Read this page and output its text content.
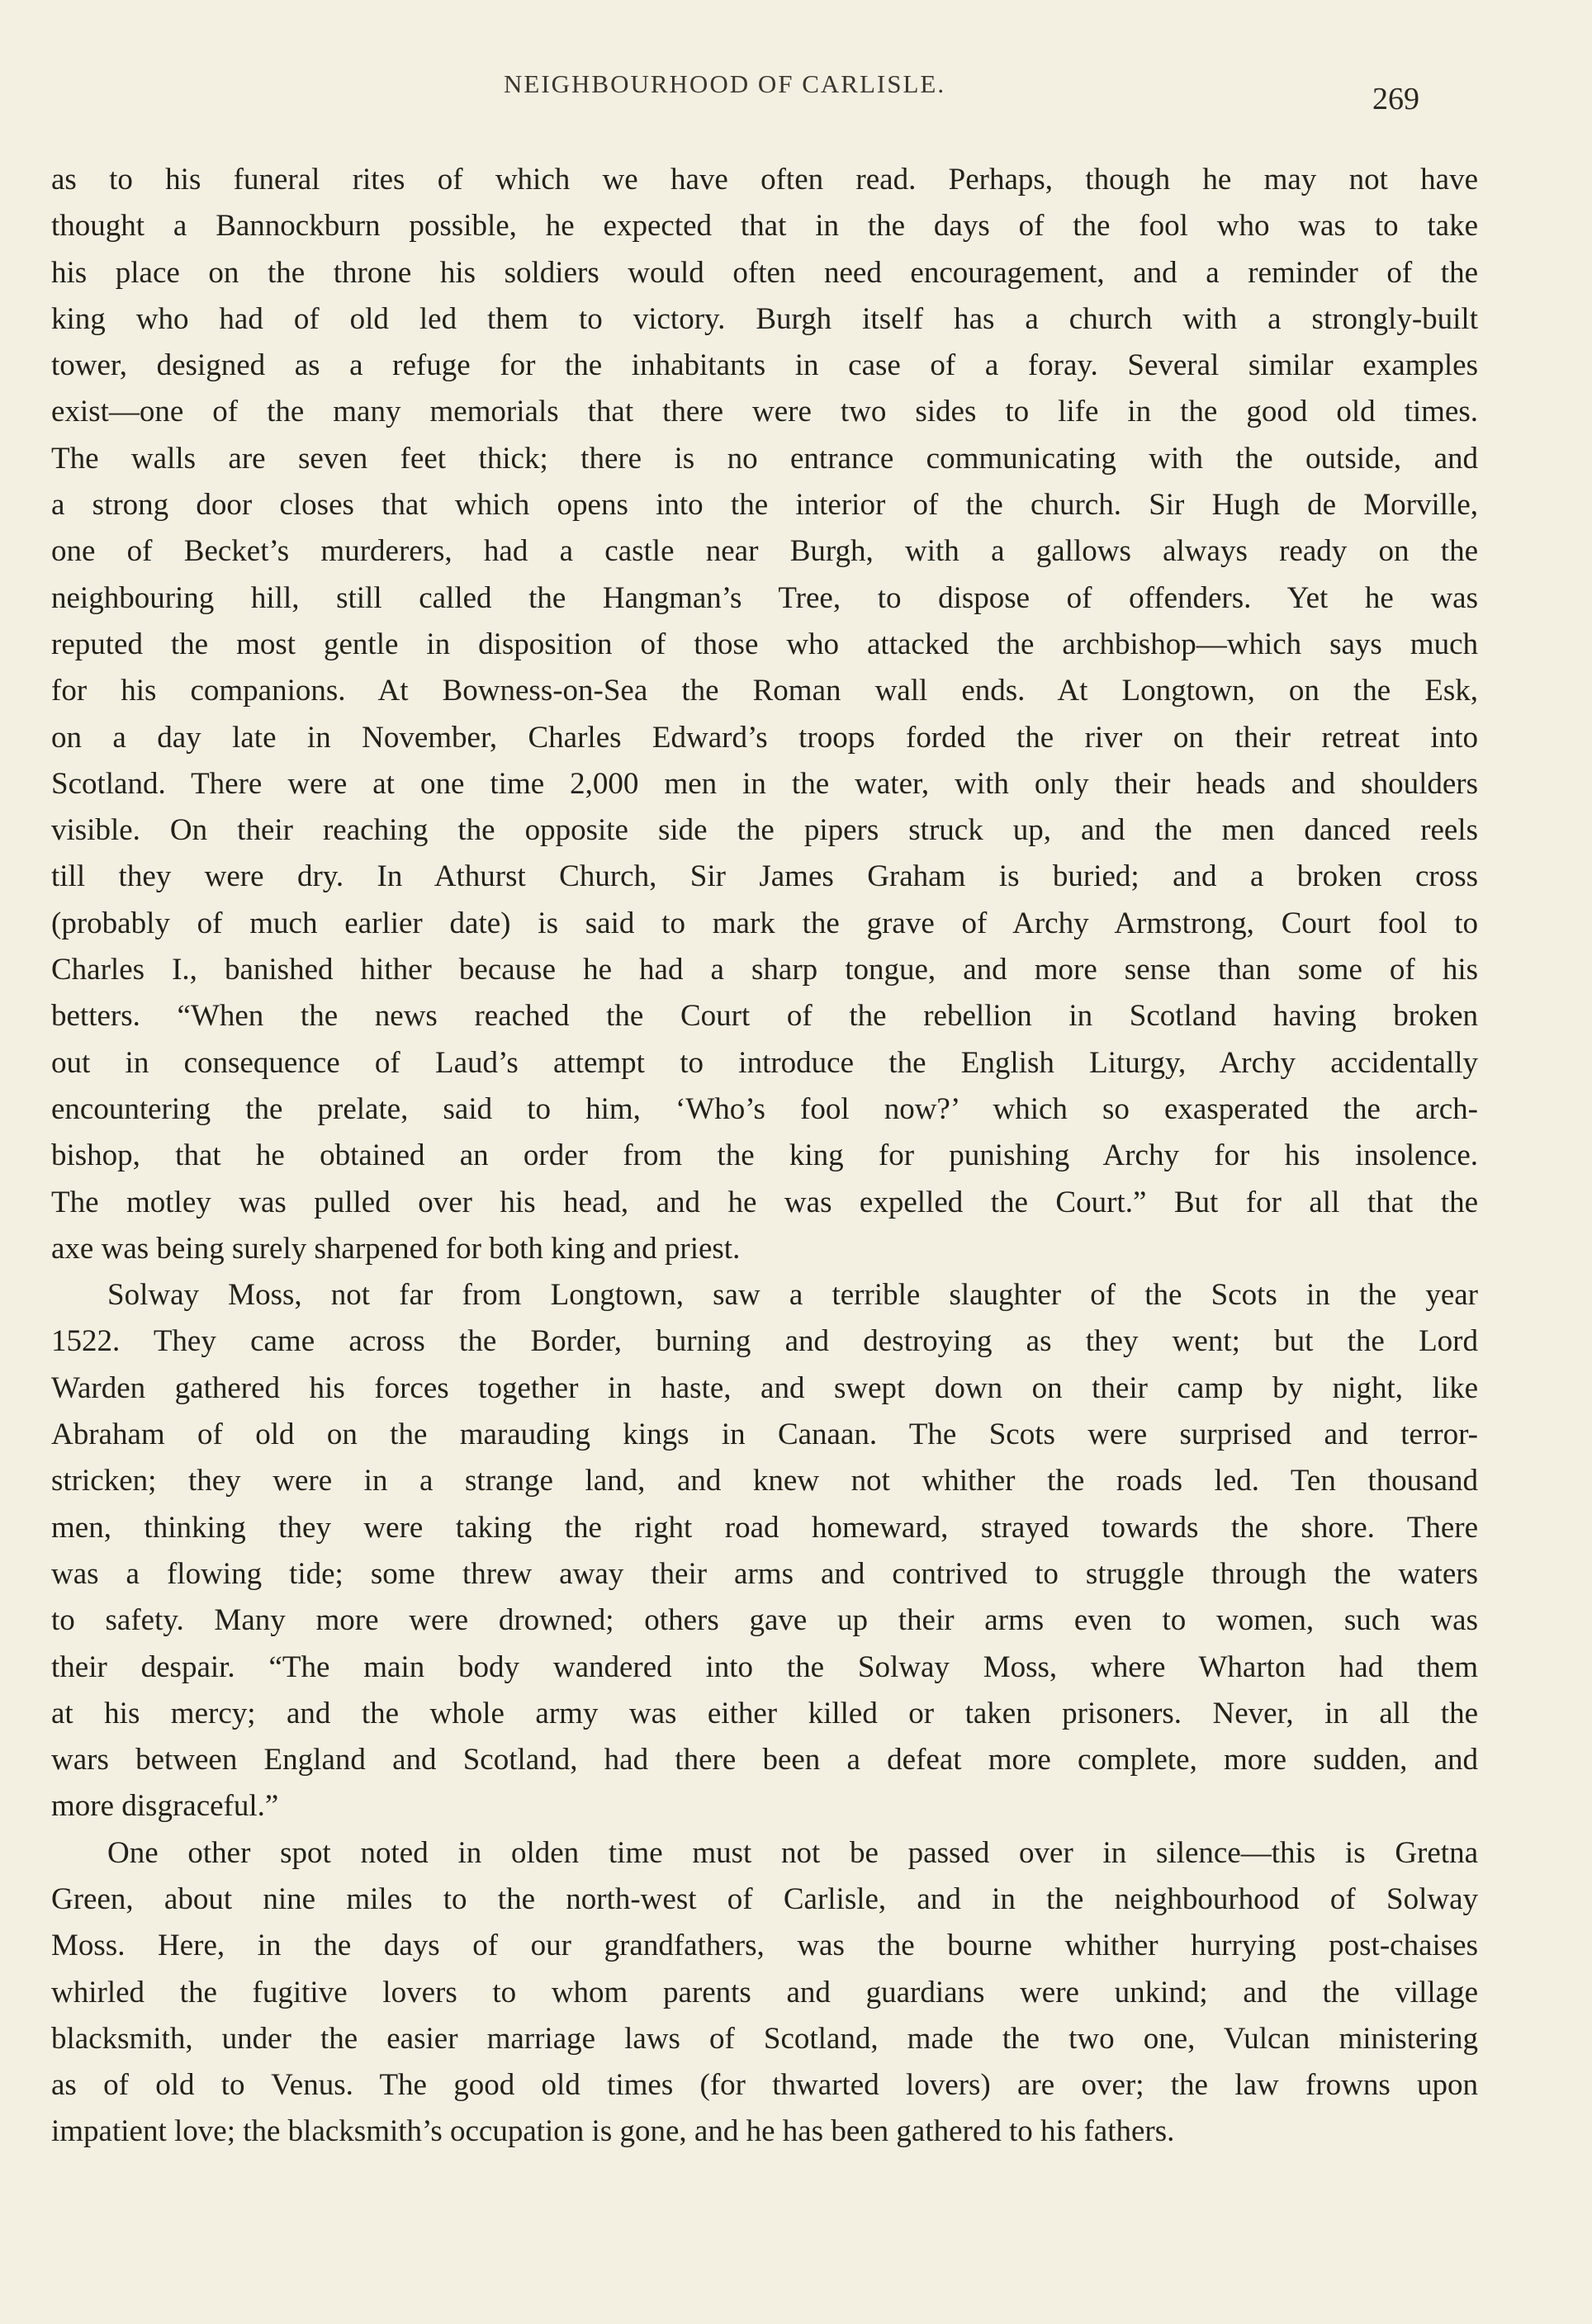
NEIGHBOURHOOD OF CARLISLE.	269
as to his funeral rites of which we have often read. Perhaps, though he may not have
thought a Bannockburn possible, he expected that in the days of the fool who was to take
his place on the throne his soldiers would often need encouragement, and a reminder of the
king who had of old led them to victory. Burgh itself has a church with a strongly-built
tower, designed as a refuge for the inhabitants in case of a foray. Several similar examples
exist—one of the many memorials that there were two sides to life in the good old times.
The walls are seven feet thick; there is no entrance communicating with the outside, and
a strong door closes that which opens into the interior of the church. Sir Hugh de Morville,
one of Becket’s murderers, had a castle near Burgh, with a gallows always ready on the
neighbouring hill, still called the Hangman’s Tree, to dispose of offenders. Yet he was
reputed the most gentle in disposition of those who attacked the archbishop—which says much
for his companions. At Bowness-on-Sea the Roman wall ends. At Longtown, on the Esk,
on a day late in November, Charles Edward’s troops forded the river on their retreat into
Scotland. There were at one time 2,000 men in the water, with only their heads and shoulders
visible. On their reaching the opposite side the pipers struck up, and the men danced reels
till they were dry. In Athurst Church, Sir James Graham is buried; and a broken cross
(probably of much earlier date) is said to mark the grave of Archy Armstrong, Court fool to
Charles I., banished hither because he had a sharp tongue, and more sense than some of his
betters. “When the news reached the Court of the rebellion in Scotland having broken
out in consequence of Laud’s attempt to introduce the English Liturgy, Archy accidentally
encountering the prelate, said to him, ‘Who’s fool now?’ which so exasperated the arch-
bishop, that he obtained an order from the king for punishing Archy for his insolence.
The motley was pulled over his head, and he was expelled the Court.” But for all that the
axe was being surely sharpened for both king and priest.
Solway Moss, not far from Longtown, saw a terrible slaughter of the Scots in the year
1522. They came across the Border, burning and destroying as they went; but the Lord
Warden gathered his forces together in haste, and swept down on their camp by night, like
Abraham of old on the marauding kings in Canaan. The Scots were surprised and terror-
stricken; they were in a strange land, and knew not whither the roads led. Ten thousand
men, thinking they were taking the right road homeward, strayed towards the shore. There
was a flowing tide; some threw away their arms and contrived to struggle through the waters
to safety. Many more were drowned; others gave up their arms even to women, such was
their despair. “The main body wandered into the Solway Moss, where Wharton had them
at his mercy; and the whole army was either killed or taken prisoners. Never, in all the
wars between England and Scotland, had there been a defeat more complete, more sudden, and
more disgraceful.”
One other spot noted in olden time must not be passed over in silence—this is Gretna
Green, about nine miles to the north-west of Carlisle, and in the neighbourhood of Solway
Moss. Here, in the days of our grandfathers, was the bourne whither hurrying post-chaises
whirled the fugitive lovers to whom parents and guardians were unkind; and the village
blacksmith, under the easier marriage laws of Scotland, made the two one, Vulcan ministering
as of old to Venus. The good old times (for thwarted lovers) are over; the law frowns upon
impatient love; the blacksmith’s occupation is gone, and he has been gathered to his fathers.
